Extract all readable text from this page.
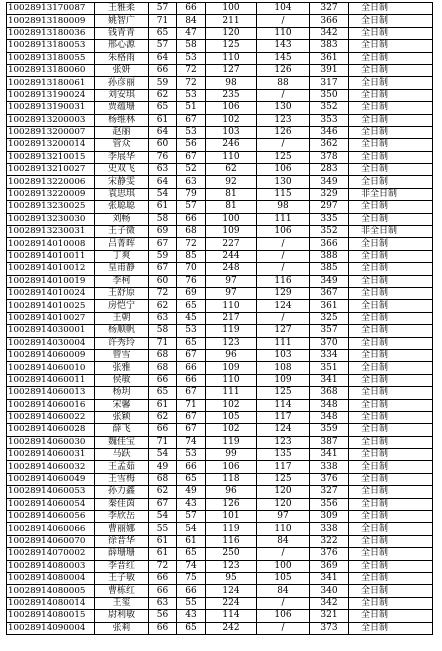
10028913170087	王雅柔	57	66	100	104	327	全日制
10028913180009	姚智广	71	84	211	/	366	全日制
10028913180036	钱青青	65	47	120	110	342	全日制
10028913180053	邢心源	57	58	125	143	383	全日制
10028913180055	朱格雨	64	53	110	145	361	全日制
10028913180060	张妍	66	72	127	126	391	全日制
10028913180061	孙彦丽	59	72	98	88	317	全日制
10028913190024	刘安琪	62	53	235	/	350	全日制
10028913190031	贾蕴珊	65	51	106	130	352	全日制
10028913200003	杨维林	61	67	102	123	353	全日制
10028913200007	赵丽	64	53	103	126	346	全日制
10028913200014	管众	60	56	246	/	362	全日制
10028913210015	李展华	76	67	110	125	378	全日制
10028913210027	史双飞	63	52	62	106	283	全日制
10028913220006	宋静雯	64	63	92	130	349	全日制
10028913220009	袁思琪	54	79	81	115	329	非全日制
10028913230025	张聪聪	61	57	81	98	297	全日制
10028913230030	刘畅	58	66	100	111	335	全日制
10028913230031	王子微	69	68	109	106	352	非全日制
10028914010008	吕菁晖	67	72	227	/	366	全日制
10028914010011	丁爽	59	85	244	/	388	全日制
10028914010012	皇甫静	67	70	248	/	385	全日制
10028914010019	李柯	60	76	97	116	349	全日制
10028914010024	王舒原	72	69	97	129	367	全日制
10028914010025	房恺宁	62	65	110	124	361	全日制
10028914010027	王朝	63	45	217	/	325	全日制
10028914030001	杨顺帆	58	53	119	127	357	全日制
10028914030004	许秀玲	71	65	123	111	370	全日制
10028914060009	曾雪	68	67	96	103	334	全日制
10028914060010	张雅	68	66	109	108	351	全日制
10028914060011	侯敏	66	66	110	109	341	全日制
10028914060013	杨玥	65	67	111	125	368	全日制
10028914060016	宋馨	61	71	102	114	348	全日制
10028914060022	张颖	62	67	105	117	348	全日制
10028914060028	薛飞	66	67	102	124	359	全日制
10028914060030	魏佳宝	71	74	119	123	387	全日制
10028914060031	马跃	54	53	99	135	341	全日制
10028914060032	王孟茹	49	66	106	117	338	全日制
10028914060049	王雪梅	68	65	118	125	376	全日制
10028914060053	孙力鑫	62	49	96	120	327	全日制
10028914060054	秦佳茵	67	43	126	120	356	全日制
10028914060056	李欣岳	54	57	101	97	309	全日制
10028914060066	曹丽娜	55	54	119	110	338	全日制
10028914060070	徐晋华	61	61	116	84	322	全日制
10028914070002	薛珊珊	61	65	250	/	376	全日制
10028914080003	李晋红	72	74	123	100	369	全日制
10028914080004	王子敏	66	75	95	105	341	全日制
10028914080005	曹栋红	66	66	124	84	340	全日制
10028914080014	王玺	63	55	224	/	342	全日制
10028914080015	尉利敏	56	43	114	106	321	全日制
10028914090004	张莉	66	65	242	/	373	全日制
